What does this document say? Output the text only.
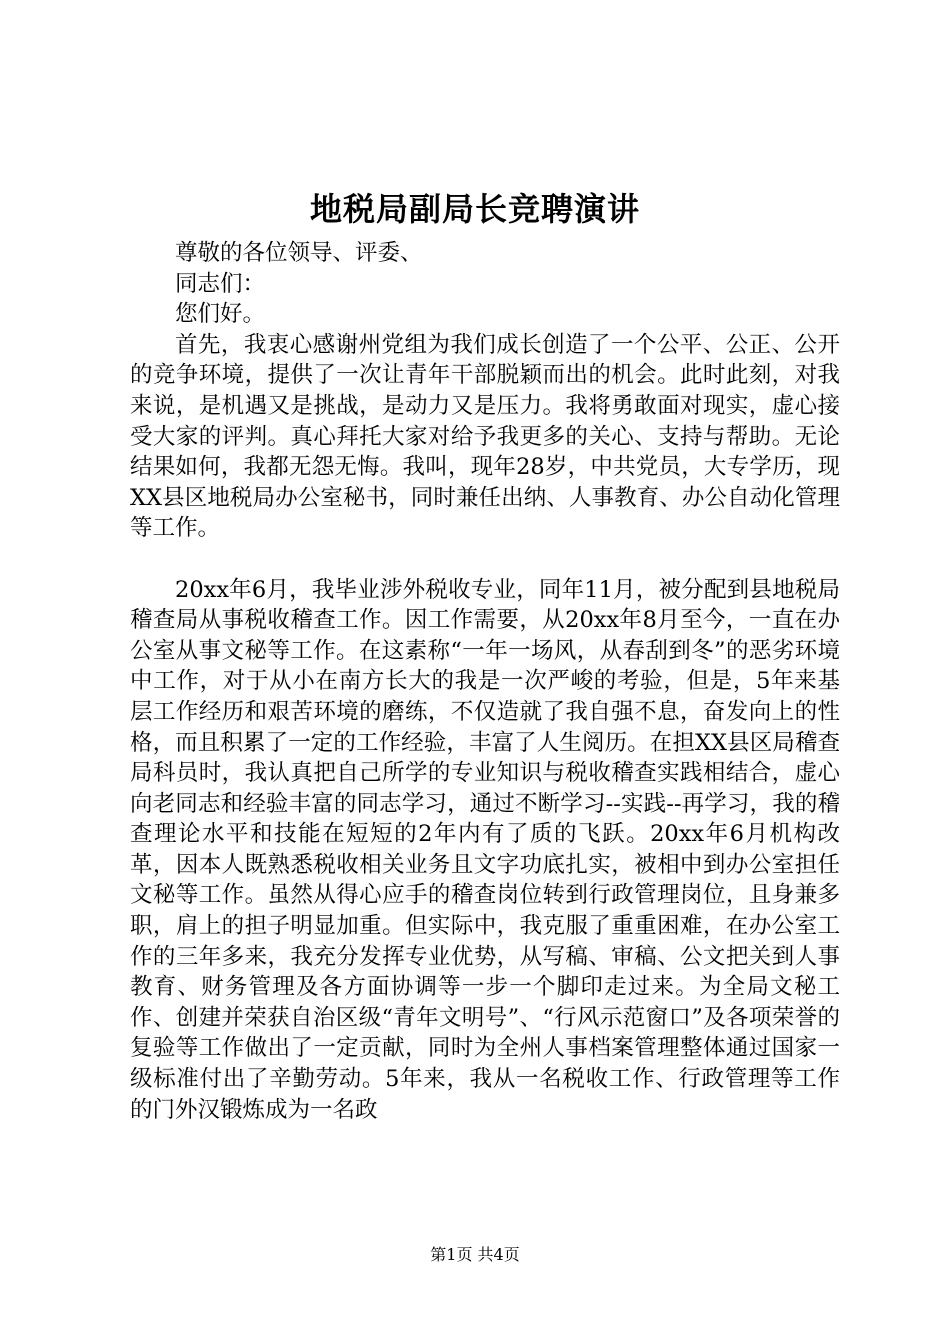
地税局副局长竞聘演讲

尊敬的各位领导、评委、

同志们：

您们好。

首先，我衷心感谢州党组为我们成长创造了一个公平、公正、公开的竞争环境，提供了一次让青年干部脱颖而出的机会。此时此刻，对我来说，是机遇又是挑战，是动力又是压力。我将勇敢面对现实，虚心接受大家的评判。真心拜托大家对给予我更多的关心、支持与帮助。无论结果如何，我都无怨无悔。我叫，现年28岁，中共党员，大专学历，现XX县区地税局办公室秘书，同时兼任出纳、人事教育、办公自动化管理等工作。

20xx年6月，我毕业涉外税收专业，同年11月，被分配到县地税局稽查局从事税收稽查工作。因工作需要，从20xx年8月至今，一直在办公室从事文秘等工作。在这素称“一年一场风，从春刮到冬”的恶劣环境中工作，对于从小在南方长大的我是一次严峻的考验，但是，5年来基层工作经历和艰苦环境的磨练，不仅造就了我自强不息，奋发向上的性格，而且积累了一定的工作经验，丰富了人生阅历。在担XX县区局稽查局科员时，我认真把自己所学的专业知识与税收稽查实践相结合，虚心向老同志和经验丰富的同志学习，通过不断学习--实践--再学习，我的稽查理论水平和技能在短短的2年内有了质的飞跃。20xx年6月机构改革，因本人既熟悉税收相关业务且文字功底扎实，被相中到办公室担任文秘等工作。虽然从得心应手的稽查岗位转到行政管理岗位，且身兼多职，肩上的担子明显加重。但实际中，我克服了重重困难，在办公室工作的三年多来，我充分发挥专业优势，从写稿、审稿、公文把关到人事教育、财务管理及各方面协调等一步一个脚印走过来。为全局文秘工作、创建并荣获自治区级“青年文明号”、“行风示范窗口”及各项荣誉的复验等工作做出了一定贡献，同时为全州人事档案管理整体通过国家一级标准付出了辛勤劳动。5年来，我从一名税收工作、行政管理等工作的门外汉锻炼成为一名政

第1页 共4页
